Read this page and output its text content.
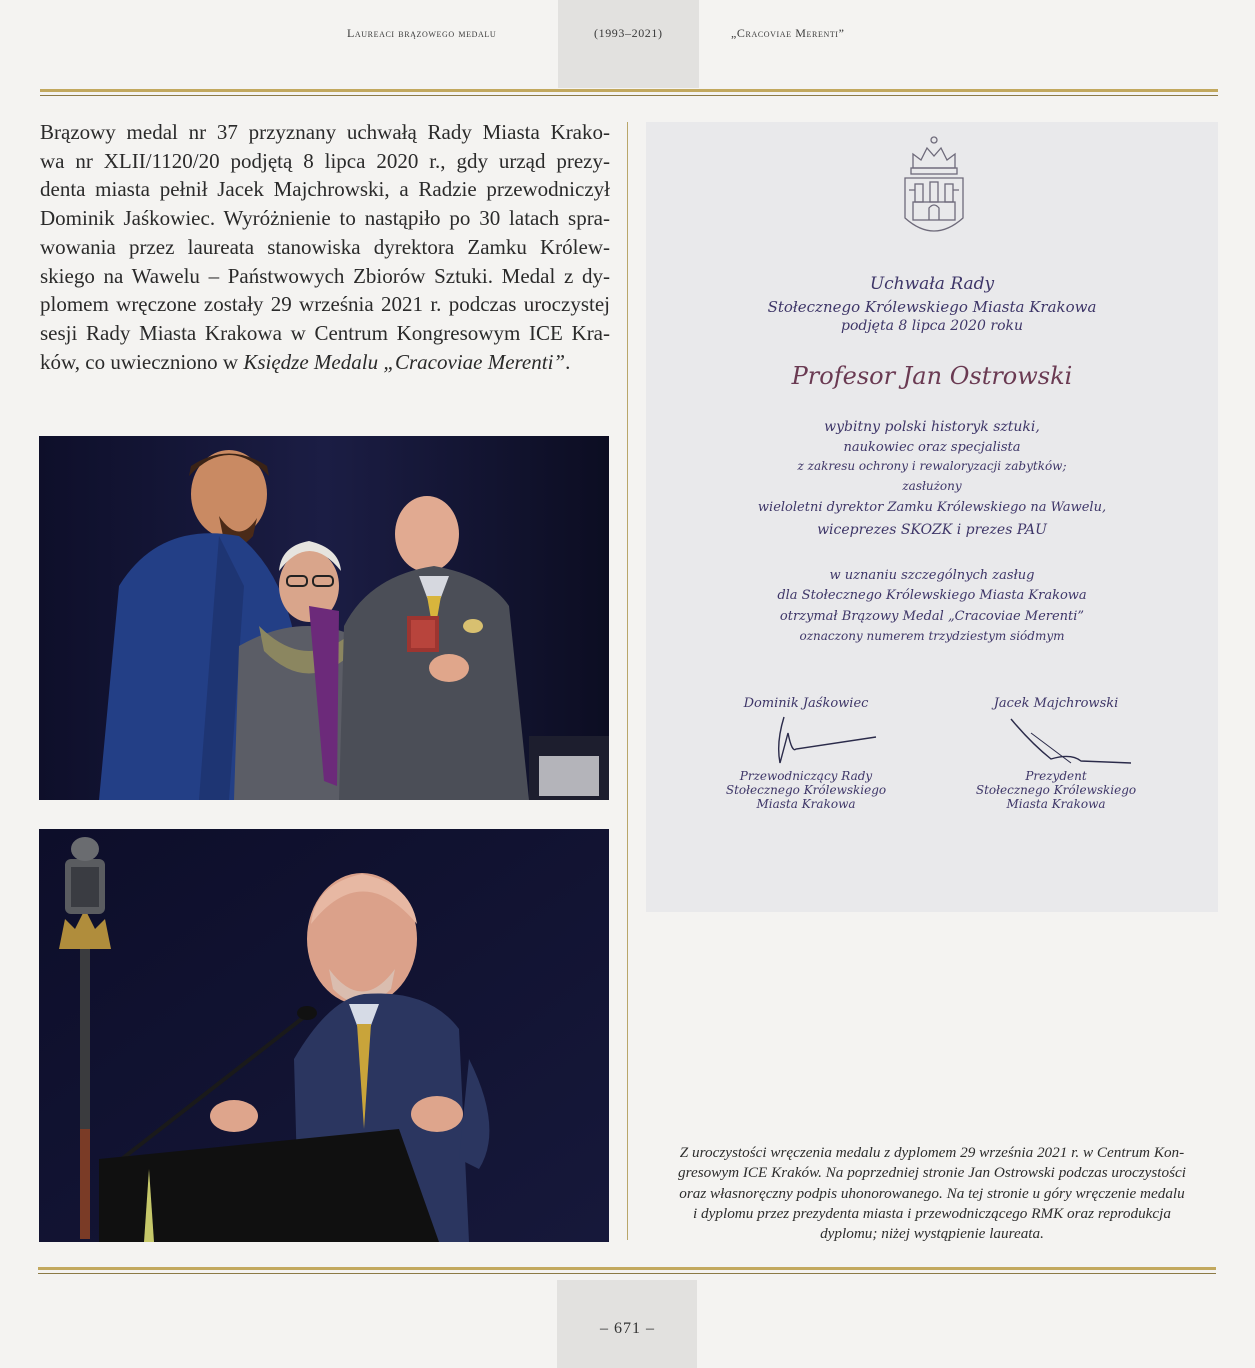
Laureaci brązowego medalu	(1993–2021)	„Cracoviae Merenti”
Brązowy medal nr 37 przyznany uchwałą Rady Miasta Krako-
wa nr XLII/1120/20 podjętą 8 lipca 2020 r., gdy urząd prezy-
denta miasta pełnił Jacek Majchrowski, a Radzie przewodniczył
Dominik Jaśkowiec. Wyróżnienie to nastąpiło po 30 latach spra-
wowania przez laureata stanowiska dyrektora Zamku Królew-
skiego na Wawelu – Państwowych Zbiorów Sztuki. Medal z dy-
plomem wręczone zostały 29 września 2021 r. podczas uroczystej
sesji Rady Miasta Krakowa w Centrum Kongresowym ICE Kra-
ków, co uwieczniono w Księdze Medalu „Cracoviae Merenti”.
Uchwała Rady
Stołecznego Królewskiego Miasta Krakowa
podjęta 8 lipca 2020 roku
Profesor Jan Ostrowski
wybitny polski historyk sztuki,
naukowiec oraz specjalista
z zakresu ochrony i rewaloryzacji zabytków;
zasłużony
wieloletni dyrektor Zamku Królewskiego na Wawelu,
wiceprezes SKOZK i prezes PAU
w uznaniu szczególnych zasług
dla Stołecznego Królewskiego Miasta Krakowa
otrzymał Brązowy Medal „Cracoviae Merenti”
oznaczony numerem trzydziestym siódmym
Dominik Jaśkowiec
Przewodniczący Rady
Stołecznego Królewskiego
Miasta Krakowa
Jacek Majchrowski
Prezydent
Stołecznego Królewskiego
Miasta Krakowa
Z uroczystości wręczenia medalu z dyplomem 29 września 2021 r. w Centrum Kon-
gresowym ICE Kraków. Na poprzedniej stronie Jan Ostrowski podczas uroczystości
oraz własnoręczny podpis uhonorowanego. Na tej stronie u góry wręczenie medalu
i dyplomu przez prezydenta miasta i przewodniczącego RMK oraz reprodukcja
dyplomu; niżej wystąpienie laureata.
– 671 –
